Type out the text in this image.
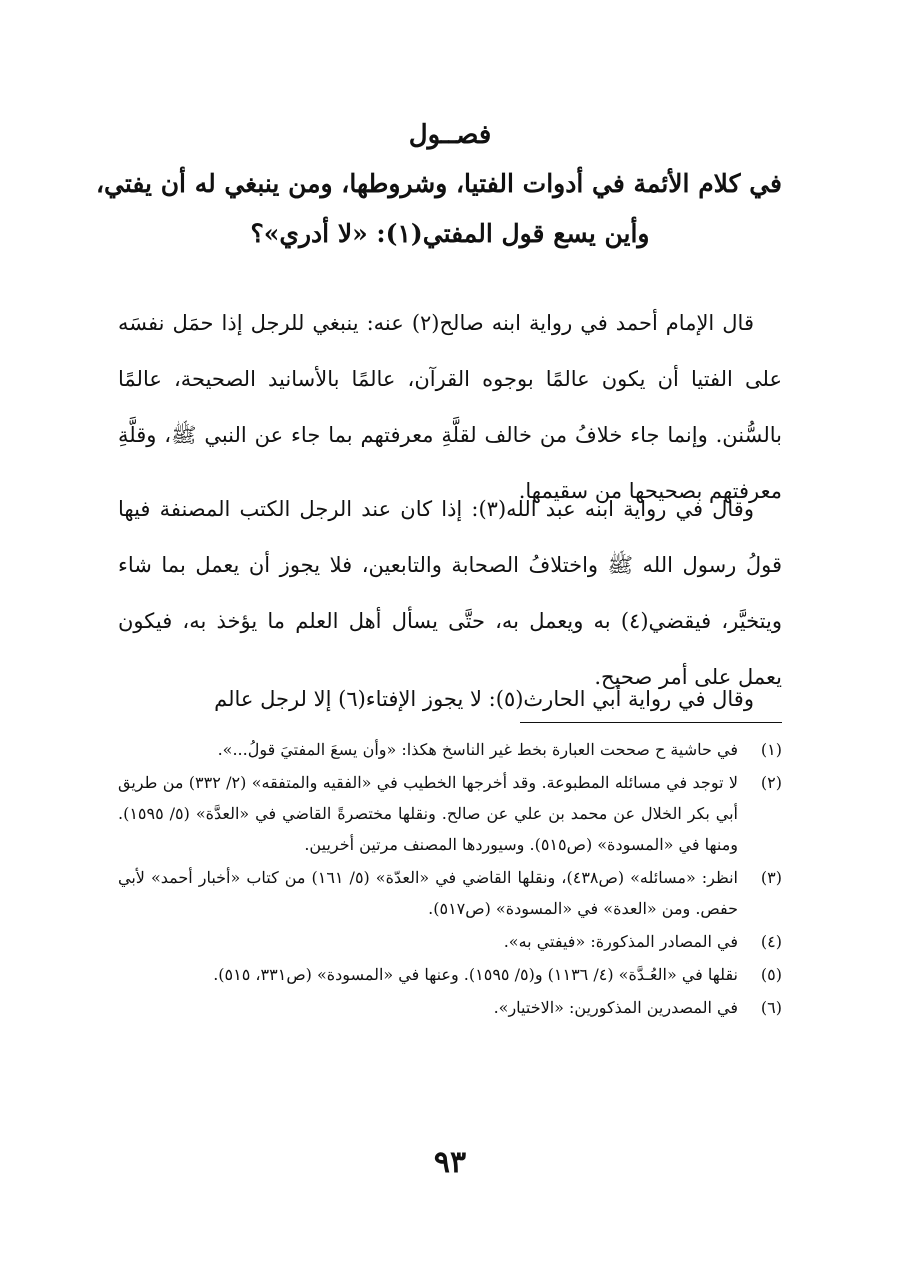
فصــول
في كلام الأئمة في أدوات الفتيا، وشروطها، ومن ينبغي له أن يفتي،
وأين يسع قول المفتي(١): «لا أدري»؟

قال الإمام أحمد في رواية ابنه صالح(٢) عنه: ينبغي للرجل إذا حمَل نفسَه على الفتيا أن يكون عالمًا بوجوه القرآن، عالمًا بالأسانيد الصحيحة، عالمًا بالسُّنن. وإنما جاء خلافُ من خالف لقلَّةِ معرفتهم بما جاء عن النبي ﷺ، وقلَّةِ معرفتهم بصحيحها من سقيمها.

وقال في رواية ابنه عبد الله(٣): إذا كان عند الرجل الكتب المصنفة فيها قولُ رسول الله ﷺ واختلافُ الصحابة والتابعين، فلا يجوز أن يعمل بما شاء ويتخيَّر، فيقضي(٤) به ويعمل به، حتَّى يسأل أهل العلم ما يؤخذ به، فيكون يعمل على أمر صحيح.

وقال في رواية أبي الحارث(٥): لا يجوز الإفتاء(٦) إلا لرجل عالم

(١)
في حاشية ح صححت العبارة بخط غير الناسخ هكذا: «وأن يسعَ المفتيَ قولُ...».
(٢)
لا توجد في مسائله المطبوعة. وقد أخرجها الخطيب في «الفقيه والمتفقه» (٢/ ٣٣٢) من طريق أبي بكر الخلال عن محمد بن علي عن صالح. ونقلها مختصرةً القاضي في «العدَّة» (٥/ ١٥٩٥). ومنها في «المسودة» (ص٥١٥). وسيوردها المصنف مرتين أخريين.
(٣)
انظر: «مسائله» (ص٤٣٨)، ونقلها القاضي في «العدّة» (٥/ ١٦١) من كتاب «أخبار أحمد» لأبي حفص. ومن «العدة» في «المسودة» (ص٥١٧).
(٤)
في المصادر المذكورة: «فيفتي به».
(٥)
نقلها في «العُـدَّة» (٤/ ١١٣٦) و(٥/ ١٥٩٥). وعنها في «المسودة» (ص٣٣١، ٥١٥).
(٦)
في المصدرين المذكورين: «الاختيار».
٩٣
